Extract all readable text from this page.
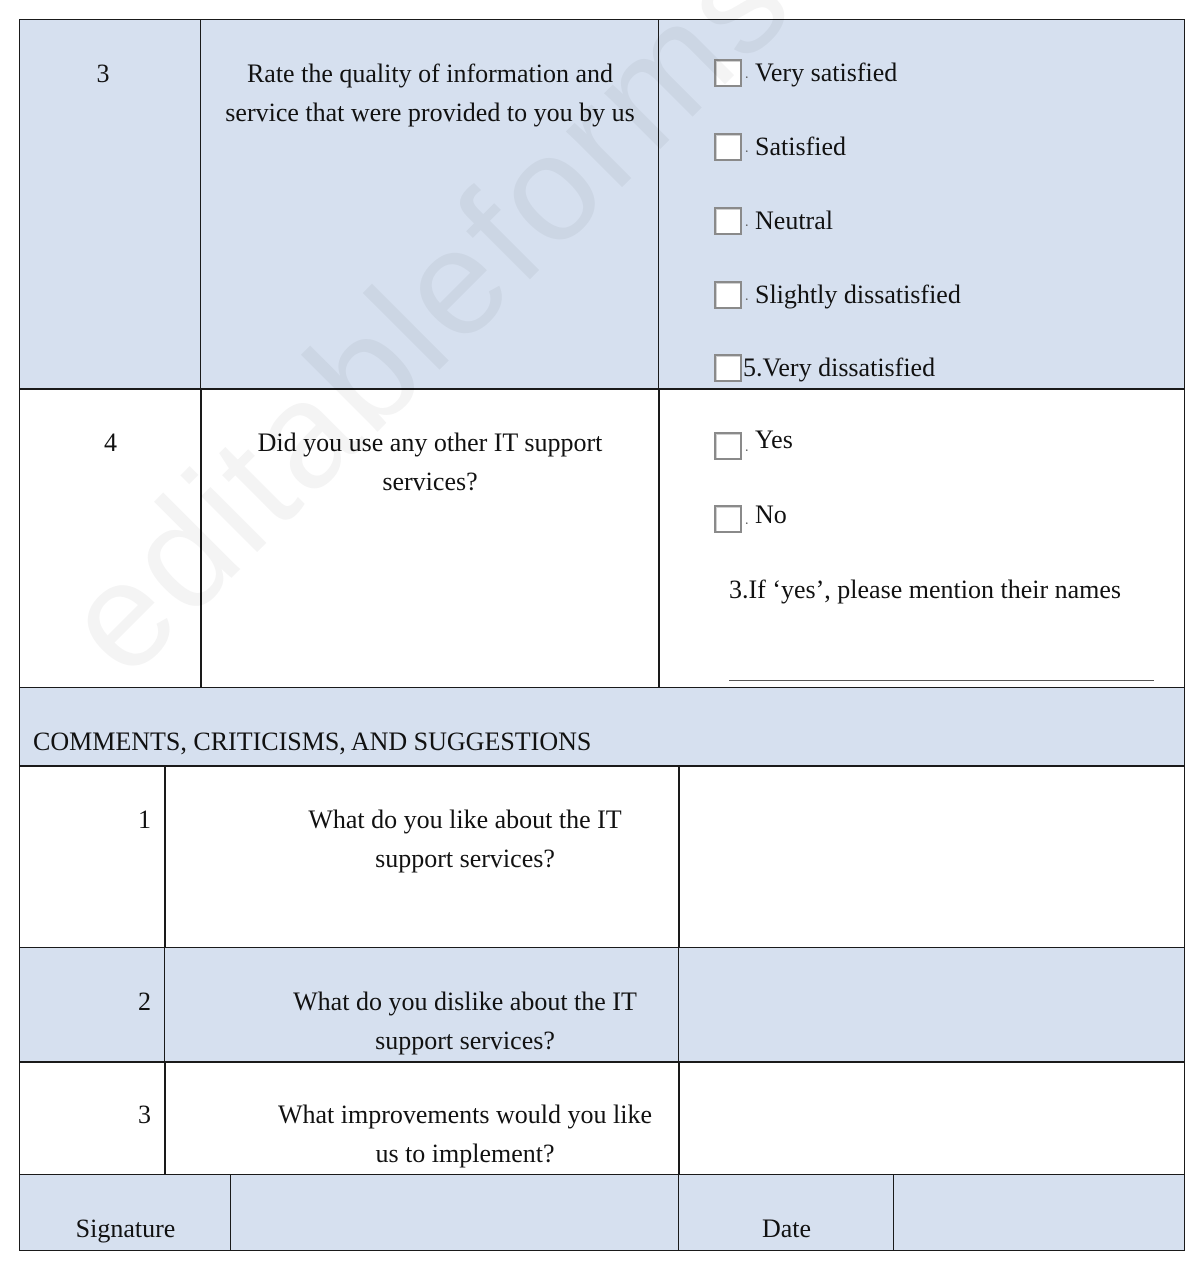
3	Rate the quality of information and service that were provided to you by us
. Very satisfied
. Satisfied
. Neutral
. Slightly dissatisfied
5.Very dissatisfied
4	Did you use any other IT support services?
. Yes
. No
3.If ‘yes’, please mention their names
COMMENTS, CRITICISMS, AND SUGGESTIONS
1	What do you like about the IT support services?
2	What do you dislike about the IT support services?
3	What improvements would you like us to implement?
Signature	Date
